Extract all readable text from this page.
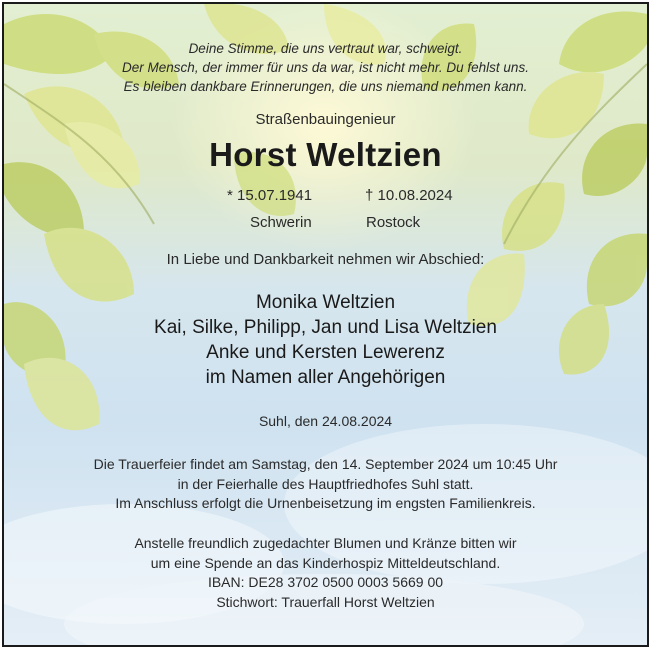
Deine Stimme, die uns vertraut war, schweigt.
Der Mensch, der immer für uns da war, ist nicht mehr. Du fehlst uns.
Es bleiben dankbare Erinnerungen, die uns niemand nehmen kann.
Straßenbauingenieur
Horst Weltzien
* 15.07.1941	† 10.08.2024
Schwerin	Rostock
In Liebe und Dankbarkeit nehmen wir Abschied:
Monika Weltzien
Kai, Silke, Philipp, Jan und Lisa Weltzien
Anke und Kersten Lewerenz
im Namen aller Angehörigen
Suhl, den 24.08.2024
Die Trauerfeier findet am Samstag, den 14. September 2024 um 10:45 Uhr
in der Feierhalle des Hauptfriedhofes Suhl statt.
Im Anschluss erfolgt die Urnenbeisetzung im engsten Familienkreis.
Anstelle freundlich zugedachter Blumen und Kränze bitten wir
um eine Spende an das Kinderhospiz Mitteldeutschland.
IBAN: DE28 3702 0500 0003 5669 00
Stichwort: Trauerfall Horst Weltzien
